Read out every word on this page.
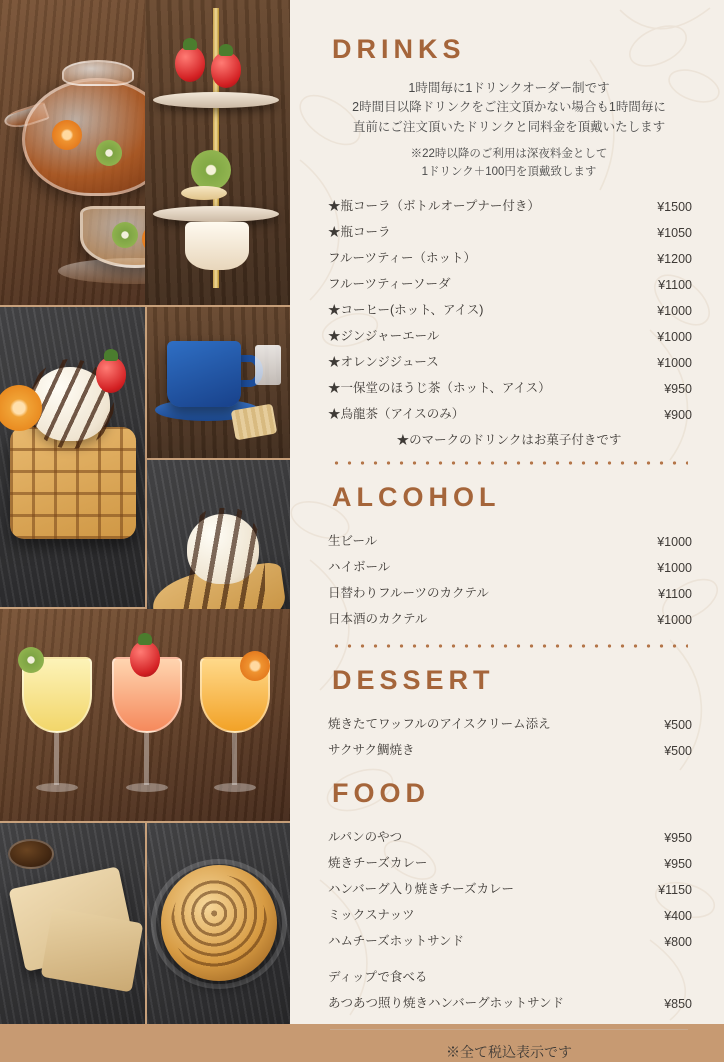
DRINKS
1時間毎に1ドリンクオーダー制です
2時間目以降ドリンクをご注文頂かない場合も1時間毎に
直前にご注文頂いたドリンクと同料金を頂戴いたします
※22時以降のご利用は深夜料金として
1ドリンク＋100円を頂戴致します
★瓶コーラ（ボトルオープナー付き）	¥1500
★瓶コーラ	¥1050
フルーツティー（ホット）	¥1200
フルーツティーソーダ	¥1100
★コーヒー(ホット、アイス)	¥1000
★ジンジャーエール	¥1000
★オレンジジュース	¥1000
★一保堂のほうじ茶（ホット、アイス）	¥950
★烏龍茶（アイスのみ）	¥900
★のマークのドリンクはお菓子付きです
ALCOHOL
生ビール	¥1000
ハイボール	¥1000
日替わりフルーツのカクテル	¥1100
日本酒のカクテル	¥1000
DESSERT
焼きたてワッフルのアイスクリーム添え	¥500
サクサク鯛焼き	¥500
FOOD
ルパンのやつ	¥950
焼きチーズカレー	¥950
ハンバーグ入り焼きチーズカレー	¥1150
ミックスナッツ	¥400
ハムチーズホットサンド	¥800
ディップで食べる
あつあつ照り焼きハンバーグホットサンド	¥850
※全て税込表示です
